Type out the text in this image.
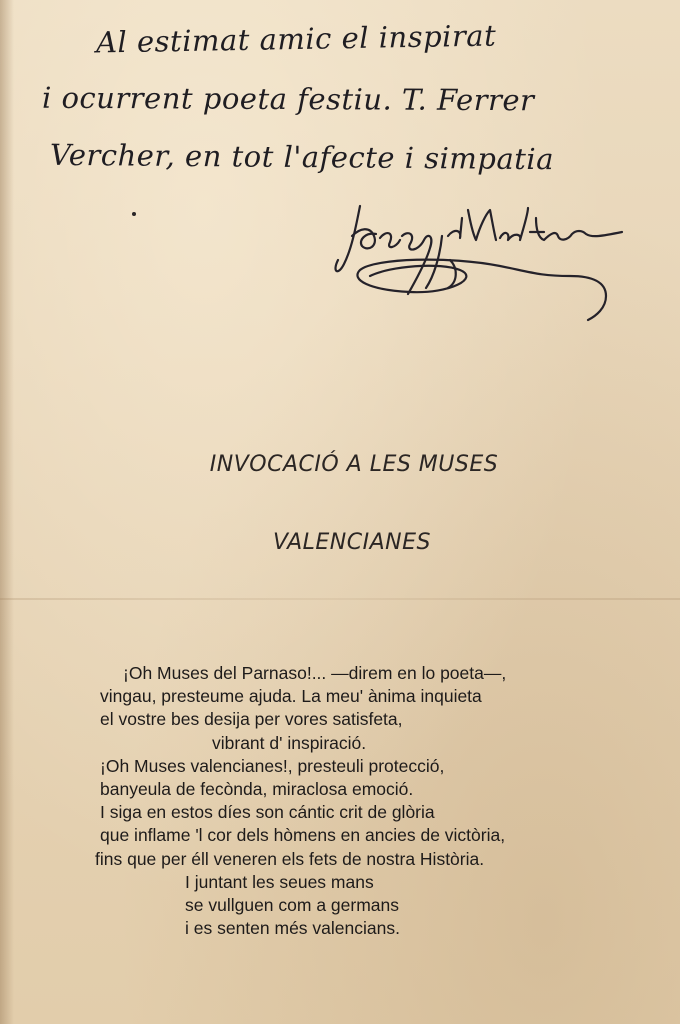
Al estimat amic el inspirat
i ocurrent poeta festiu. T. Ferrer
Vercher, en tot l'afecte i simpatia
INVOCACIÓ A LES MUSES
VALENCIANES
¡Oh Muses del Parnaso!... —direm en lo poeta—,
vingau, presteume ajuda. La meu' ànima inquieta
el vostre bes desija per vores satisfeta,
vibrant d' inspiració.
¡Oh Muses valencianes!, presteuli protecció,
banyeula de fecònda, miraclosa emoció.
I siga en estos díes son cántic crit de glòria
que inflame 'l cor dels hòmens en ancies de victòria,
fins que per éll veneren els fets de nostra Història.
I juntant les seues mans
se vullguen com a germans
i es senten més valencians.
